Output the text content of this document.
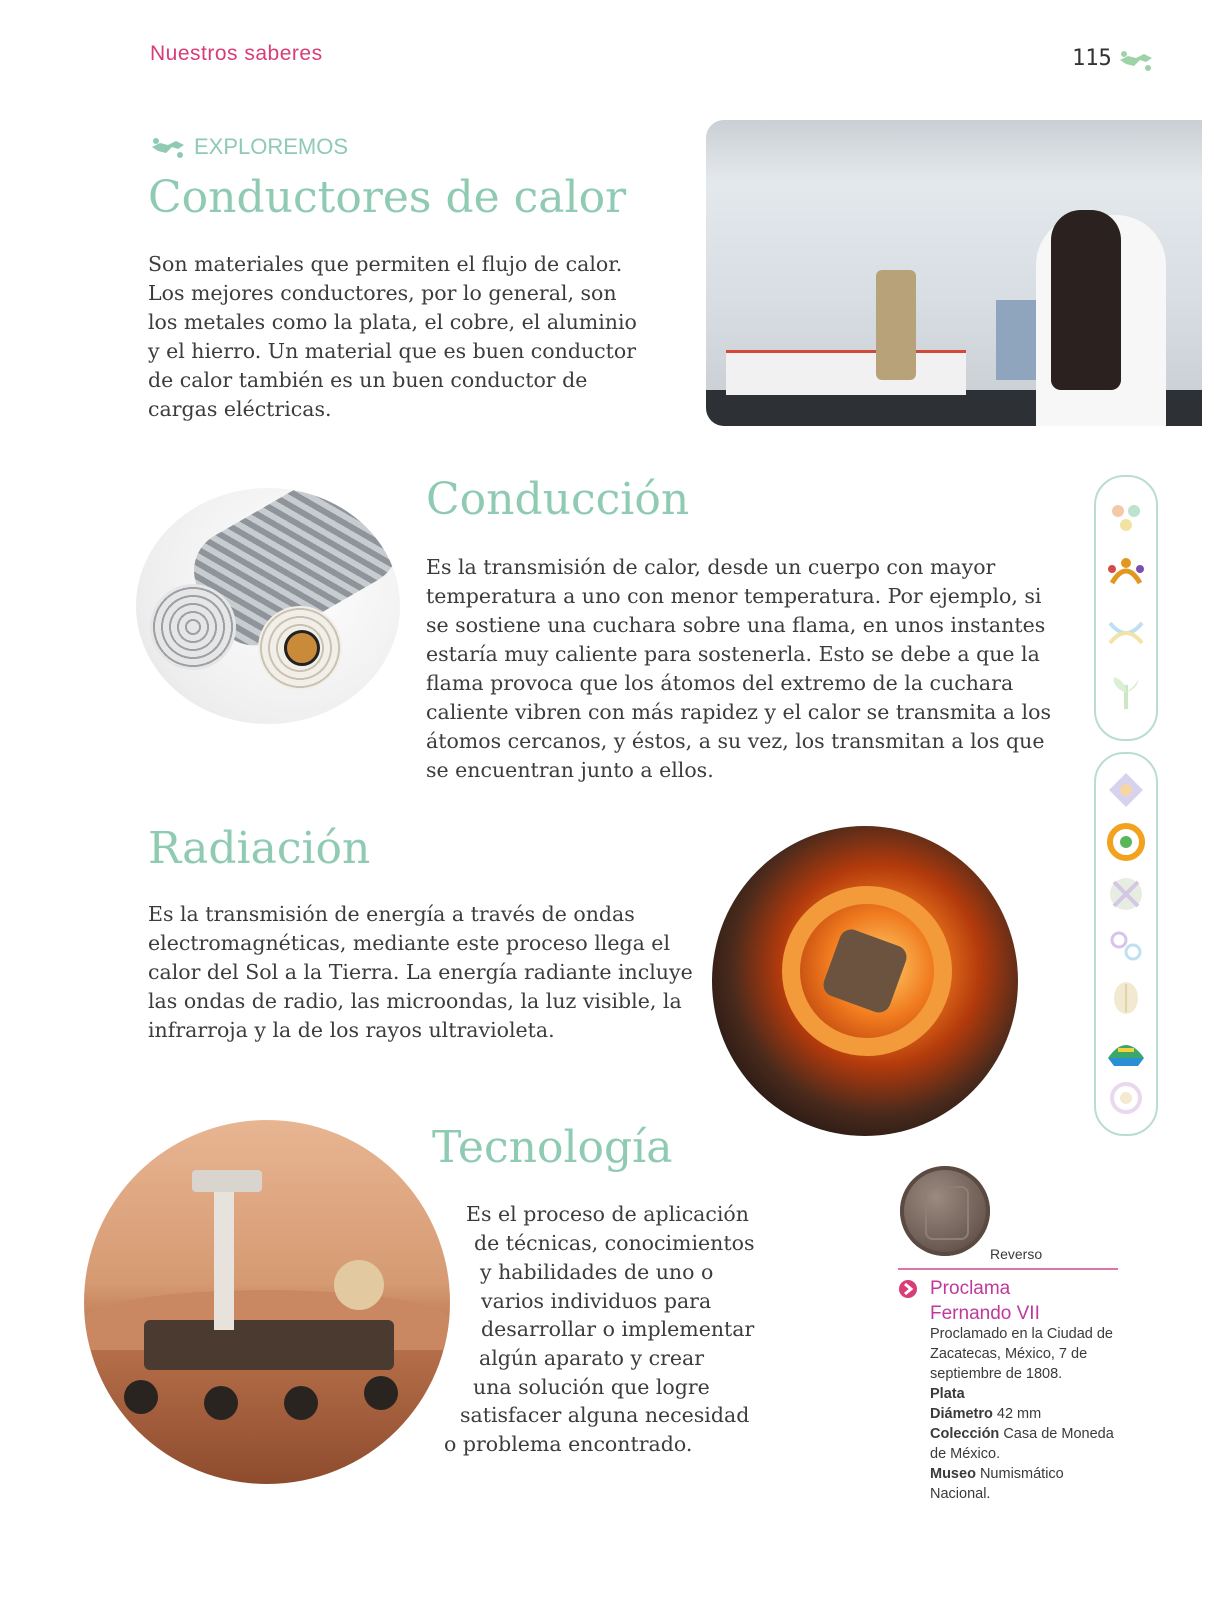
Nuestros saberes	115
EXPLOREMOS
Conductores de calor
Son materiales que permiten el flujo de calor. Los mejores conductores, por lo general, son los metales como la plata, el cobre, el aluminio y el hierro. Un material que es buen conductor de calor también es un buen conductor de cargas eléctricas.
Conducción
Es la transmisión de calor, desde un cuerpo con mayor temperatura a uno con menor temperatura. Por ejemplo, si se sostiene una cuchara sobre una flama, en unos instantes estaría muy caliente para sostenerla. Esto se debe a que la flama provoca que los átomos del extremo de la cuchara caliente vibren con más rapidez y el calor se transmita a los átomos cercanos, y éstos, a su vez, los transmitan a los que se encuentran junto a ellos.
Radiación
Es la transmisión de energía a través de ondas electromagnéticas, mediante este proceso llega el calor del Sol a la Tierra. La energía radiante incluye las ondas de radio, las microondas, la luz visible, la infrarroja y la de los rayos ultravioleta.
Tecnología
Es el proceso de aplicación
de técnicas, conocimientos
y habilidades de uno o
varios individuos para
desarrollar o implementar
algún aparato y crear
una solución que logre
satisfacer alguna necesidad
o problema encontrado.
Reverso
Proclama
Fernando VII
Proclamado en la Ciudad de Zacatecas, México, 7 de septiembre de 1808.
Plata
Diámetro 42 mm
Colección Casa de Moneda de México.
Museo Numismático Nacional.
